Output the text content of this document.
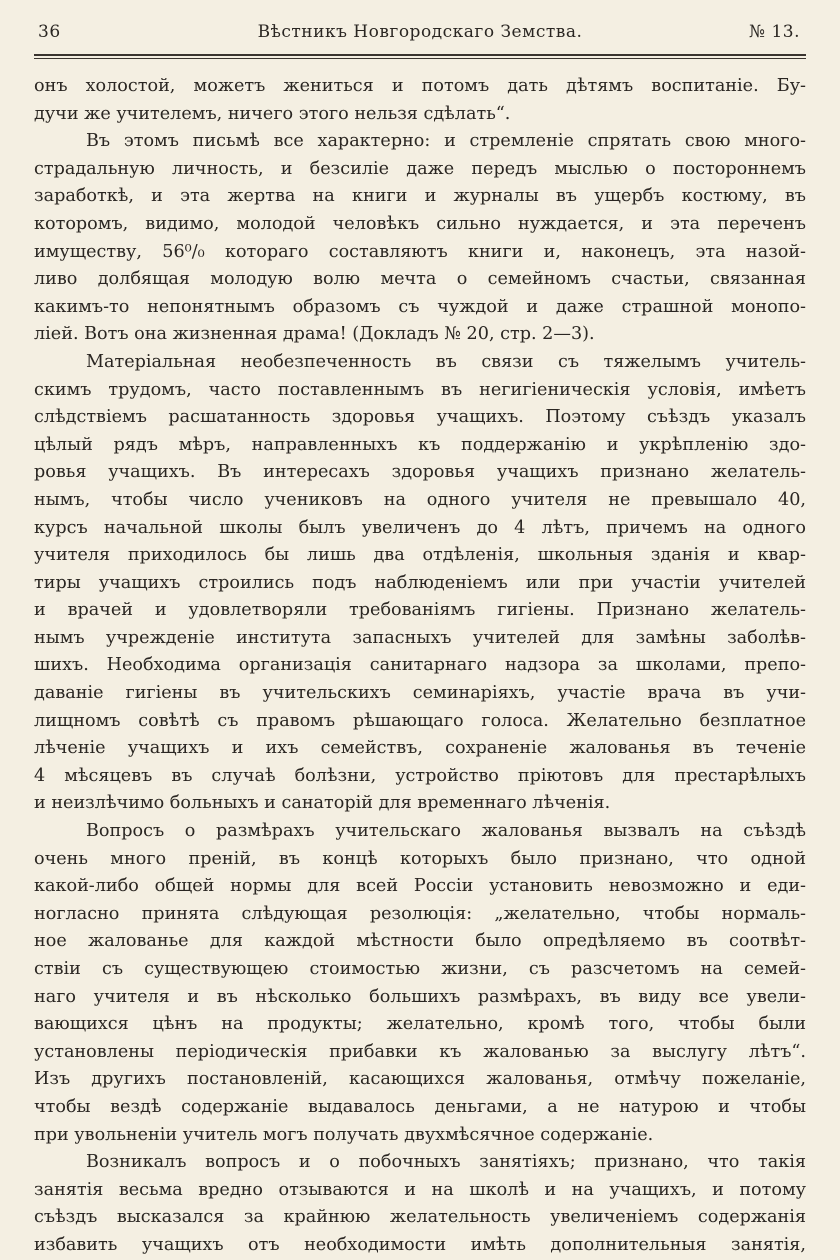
36	Вѣстникъ Новгородскаго Земства.	№ 13.
онъ холостой, можетъ жениться и потомъ дать дѣтямъ воспитаніе. Бу-
дучи же учителемъ, ничего этого нельзя сдѣлать“.
Въ этомъ письмѣ все характерно: и стремленіе спрятать свою много-
страдальную личность, и безсиліе даже передъ мыслью о постороннемъ
заработкѣ, и эта жертва на книги и журналы въ ущербъ костюму, въ
которомъ, видимо, молодой человѣкъ сильно нуждается, и эта переченъ
имуществу, 56⁰/₀ котораго составляютъ книги и, наконецъ, эта назой-
ливо долбящая молодую волю мечта о семейномъ счастьи, связанная
какимъ-то непонятнымъ образомъ съ чуждой и даже страшной монопо-
ліей. Вотъ она жизненная драма! (Докладъ № 20, стр. 2—3).
Матеріальная необезпеченность въ связи съ тяжелымъ учитель-
скимъ трудомъ, часто поставленнымъ въ негигіеническія условія, имѣетъ
слѣдствіемъ расшатанность здоровья учащихъ. Поэтому съѣздъ указалъ
цѣлый рядъ мѣръ, направленныхъ къ поддержанію и укрѣпленію здо-
ровья учащихъ. Въ интересахъ здоровья учащихъ признано желатель-
нымъ, чтобы число учениковъ на одного учителя не превышало 40,
курсъ начальной школы былъ увеличенъ до 4 лѣтъ, причемъ на одного
учителя приходилось бы лишь два отдѣленія, школьныя зданія и квар-
тиры учащихъ строились подъ наблюденіемъ или при участіи учителей
и врачей и удовлетворяли требованіямъ гигіены. Признано желатель-
нымъ учрежденіе института запасныхъ учителей для замѣны заболѣв-
шихъ. Необходима организація санитарнаго надзора за школами, препо-
даваніе гигіены въ учительскихъ семинаріяхъ, участіе врача въ учи-
лищномъ совѣтѣ съ правомъ рѣшающаго голоса. Желательно безплатное
лѣченіе учащихъ и ихъ семействъ, сохраненіе жалованья въ теченіе
4 мѣсяцевъ въ случаѣ болѣзни, устройство пріютовъ для престарѣлыхъ
и неизлѣчимо больныхъ и санаторій для временнаго лѣченія.
Вопросъ о размѣрахъ учительскаго жалованья вызвалъ на съѣздѣ
очень много преній, въ концѣ которыхъ было признано, что одной
какой-либо общей нормы для всей Россіи установить невозможно и еди-
ногласно принята слѣдующая резолюція: „желательно, чтобы нормаль-
ное жалованье для каждой мѣстности было опредѣляемо въ соотвѣт-
ствіи съ существующею стоимостью жизни, съ разсчетомъ на семей-
наго учителя и въ нѣсколько большихъ размѣрахъ, въ виду все увели-
вающихся цѣнъ на продукты; желательно, кромѣ того, чтобы были
установлены періодическія прибавки къ жалованью за выслугу лѣтъ“.
Изъ другихъ постановленій, касающихся жалованья, отмѣчу пожеланіе,
чтобы вездѣ содержаніе выдавалось деньгами, а не натурою и чтобы
при увольненіи учитель могъ получать двухмѣсячное содержаніе.
Возникалъ вопросъ и о побочныхъ занятіяхъ; признано, что такія
занятія весьма вредно отзываются и на школѣ и на учащихъ, и потому
съѣздъ высказался за крайнюю желательность увеличеніемъ содержанія
избавить учащихъ отъ необходимости имѣть дополнительныя занятія,
